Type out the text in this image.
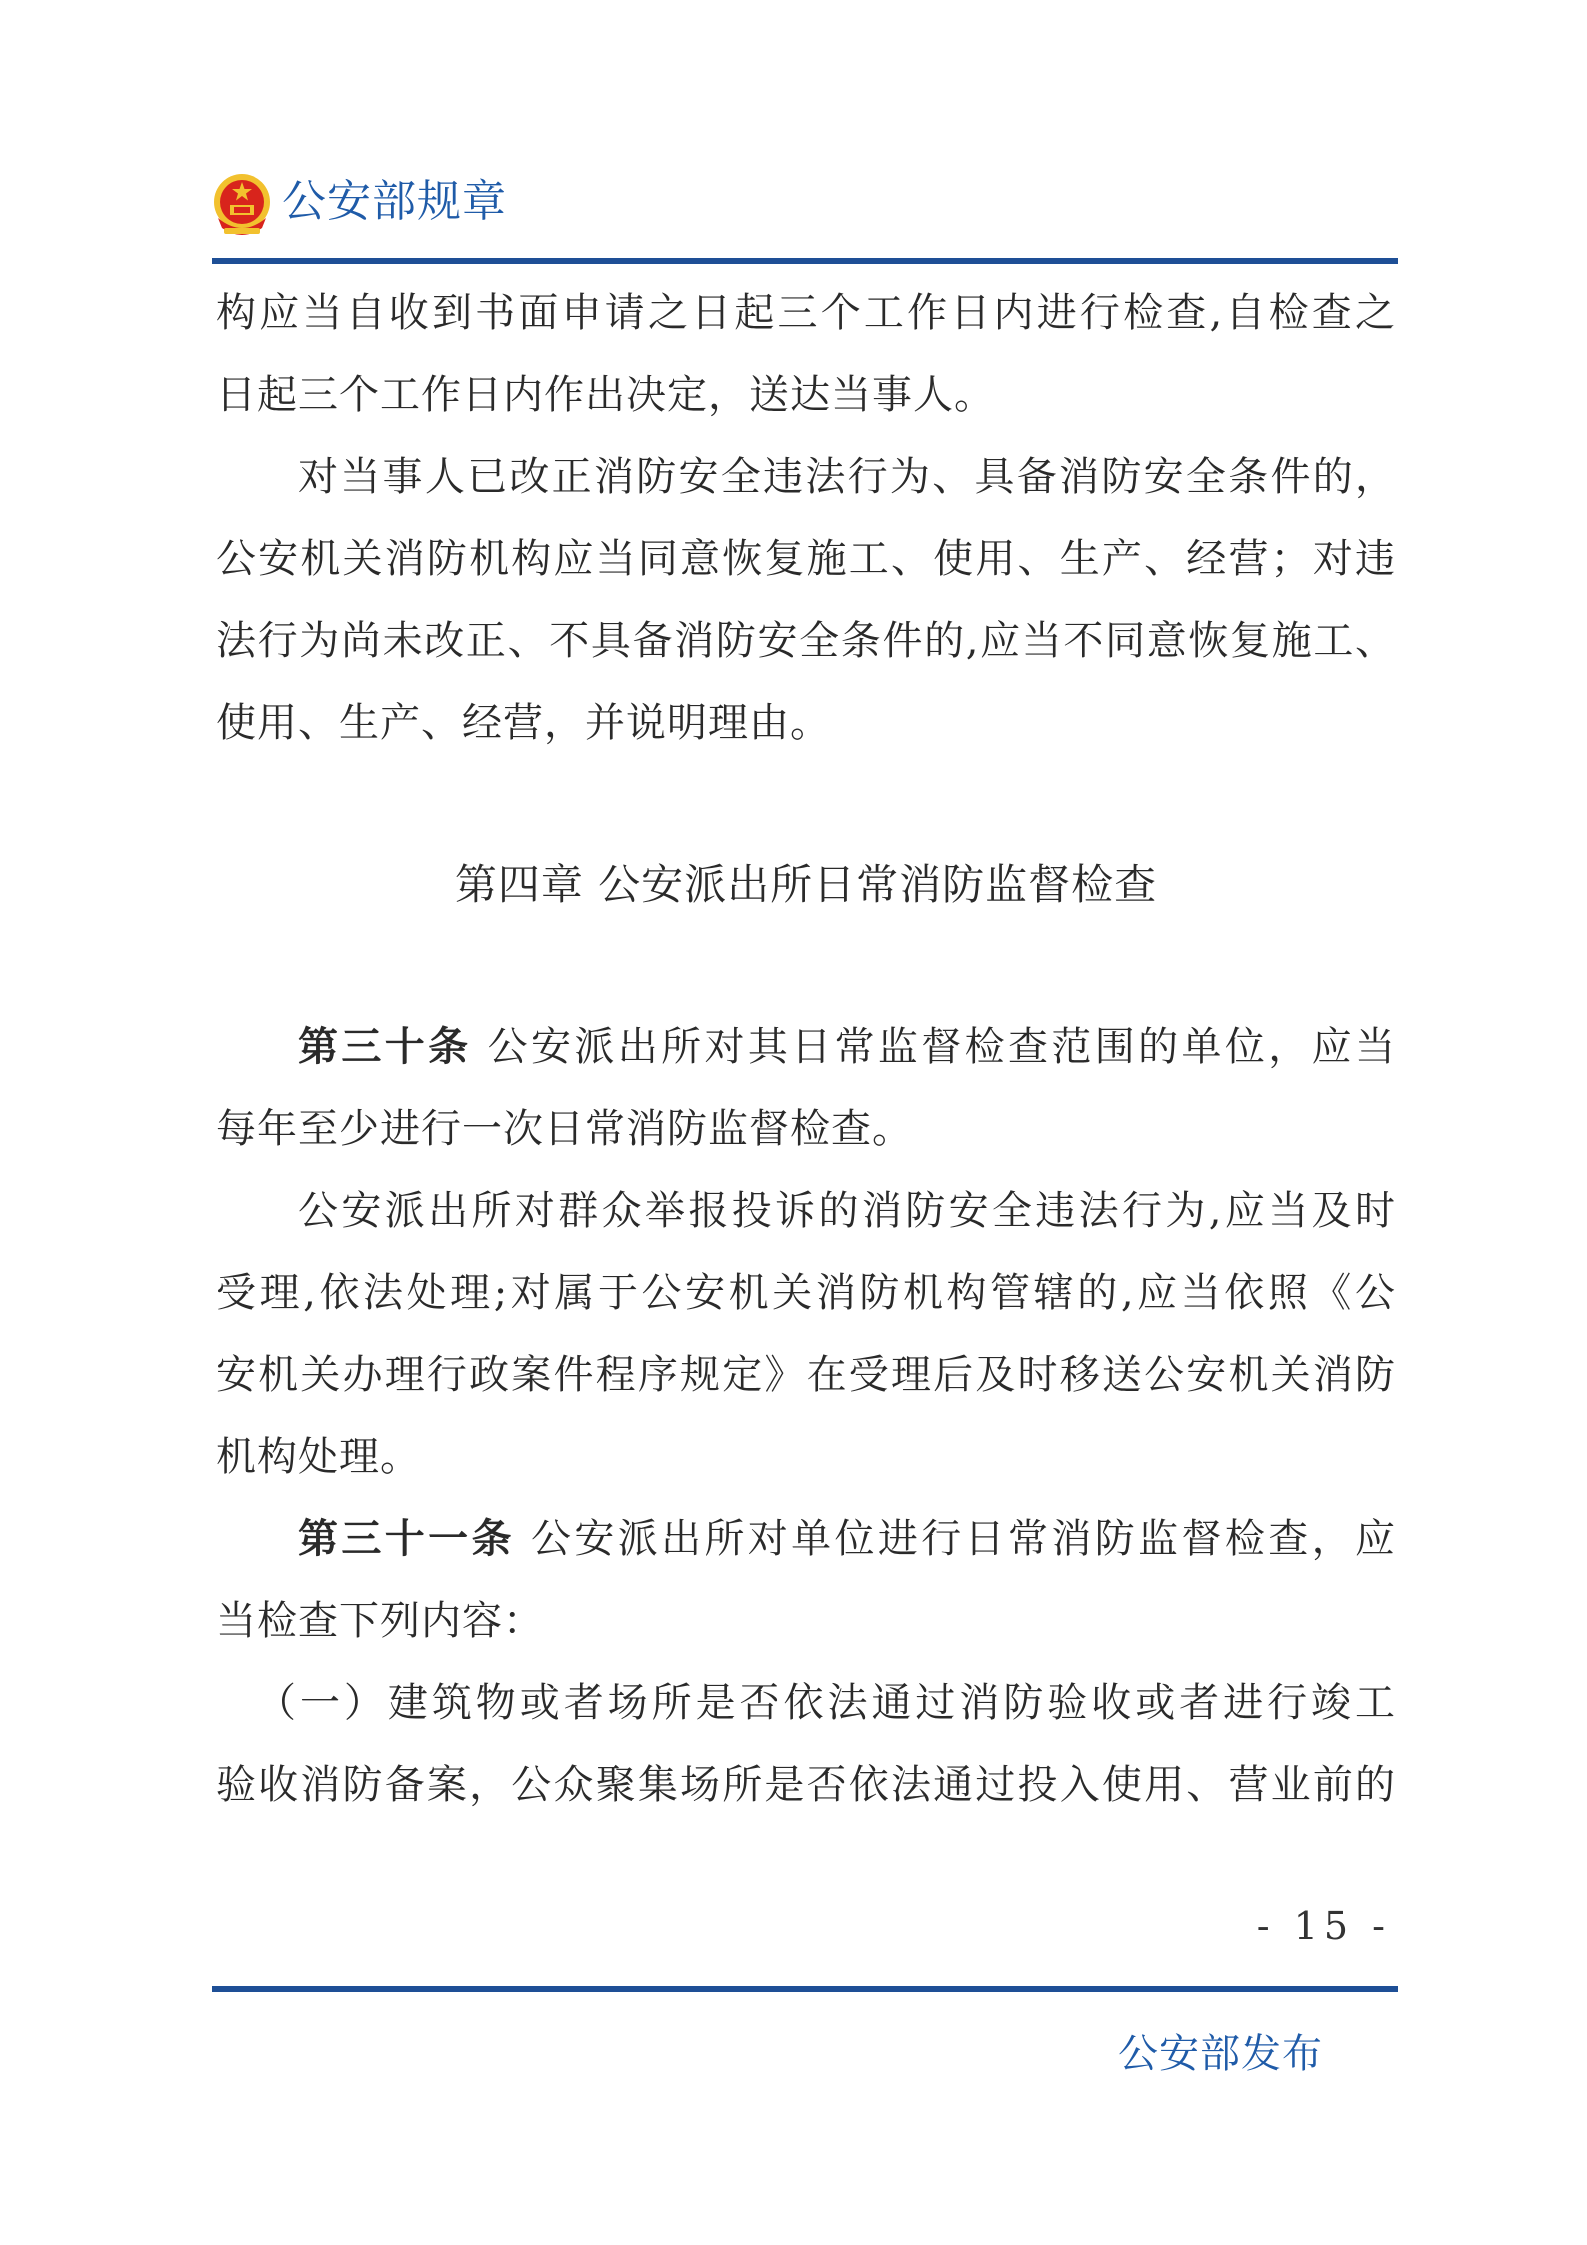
公安部规章
构应当自收到书面申请之日起三个工作日内进行检查,自检查之
日起三个工作日内作出决定，送达当事人。
对当事人已改正消防安全违法行为、具备消防安全条件的，
公安机关消防机构应当同意恢复施工、使用、生产、经营；对违
法行为尚未改正、不具备消防安全条件的,应当不同意恢复施工、
使用、生产、经营，并说明理由。
第四章 公安派出所日常消防监督检查
第三十条 公安派出所对其日常监督检查范围的单位，应当
每年至少进行一次日常消防监督检查。
公安派出所对群众举报投诉的消防安全违法行为,应当及时
受理,依法处理;对属于公安机关消防机构管辖的,应当依照《公
安机关办理行政案件程序规定》在受理后及时移送公安机关消防
机构处理。
第三十一条 公安派出所对单位进行日常消防监督检查，应
当检查下列内容：
（一）建筑物或者场所是否依法通过消防验收或者进行竣工
验收消防备案，公众聚集场所是否依法通过投入使用、营业前的
- 15 -
公安部发布
